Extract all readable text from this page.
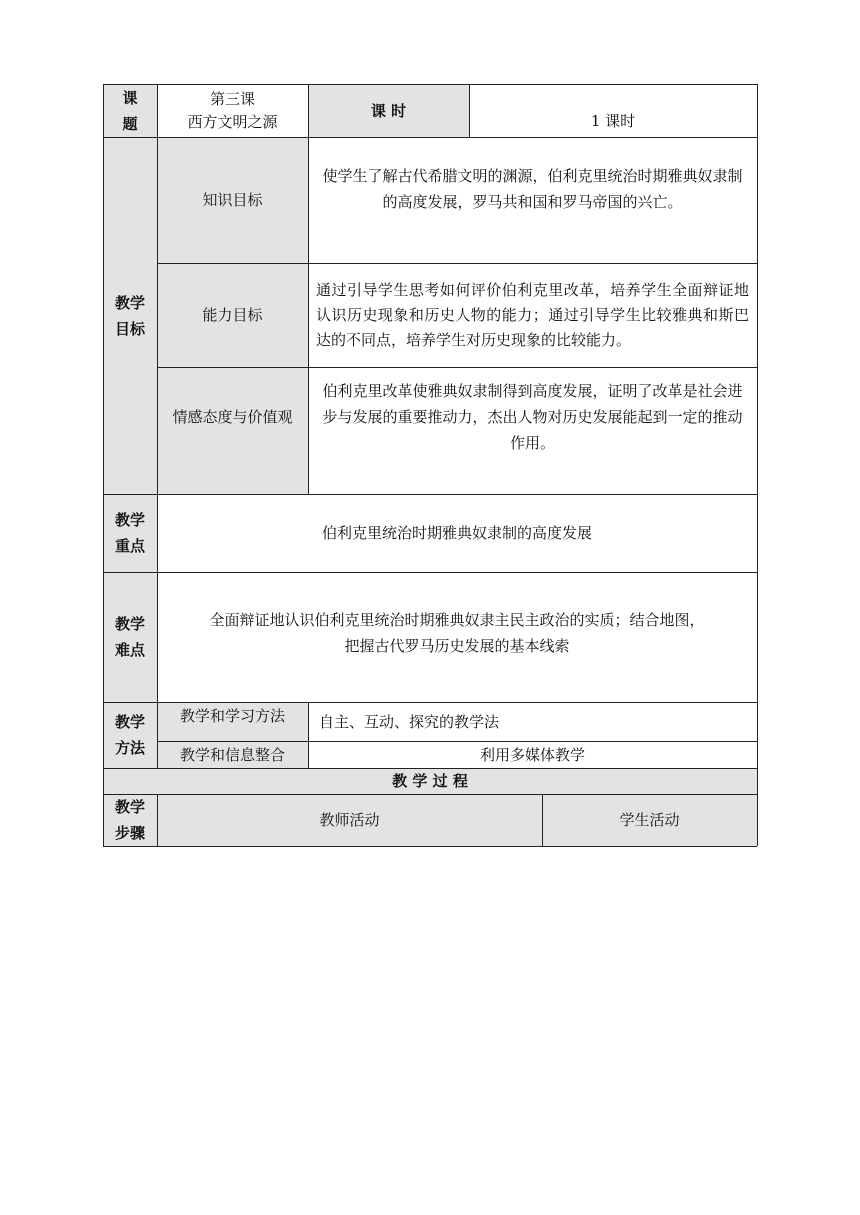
课题
第三课
西方文明之源
课 时
1 课时
教学目标
知识目标
使学生了解古代希腊文明的渊源，伯利克里统治时期雅典奴隶制的高度发展，罗马共和国和罗马帝国的兴亡。
能力目标
通过引导学生思考如何评价伯利克里改革，培养学生全面辩证地认识历史现象和历史人物的能力；通过引导学生比较雅典和斯巴达的不同点，培养学生对历史现象的比较能力。
情感态度与价值观
伯利克里改革使雅典奴隶制得到高度发展，证明了改革是社会进步与发展的重要推动力，杰出人物对历史发展能起到一定的推动作用。
教学重点
伯利克里统治时期雅典奴隶制的高度发展
教学难点
全面辩证地认识伯利克里统治时期雅典奴隶主民主政治的实质；结合地图，
把握古代罗马历史发展的基本线索
教学方法
教学和学习方法 自主、互动、探究的教学法
教学和信息整合	利用多媒体教学
教 学 过 程
教学步骤
教师活动	学生活动
